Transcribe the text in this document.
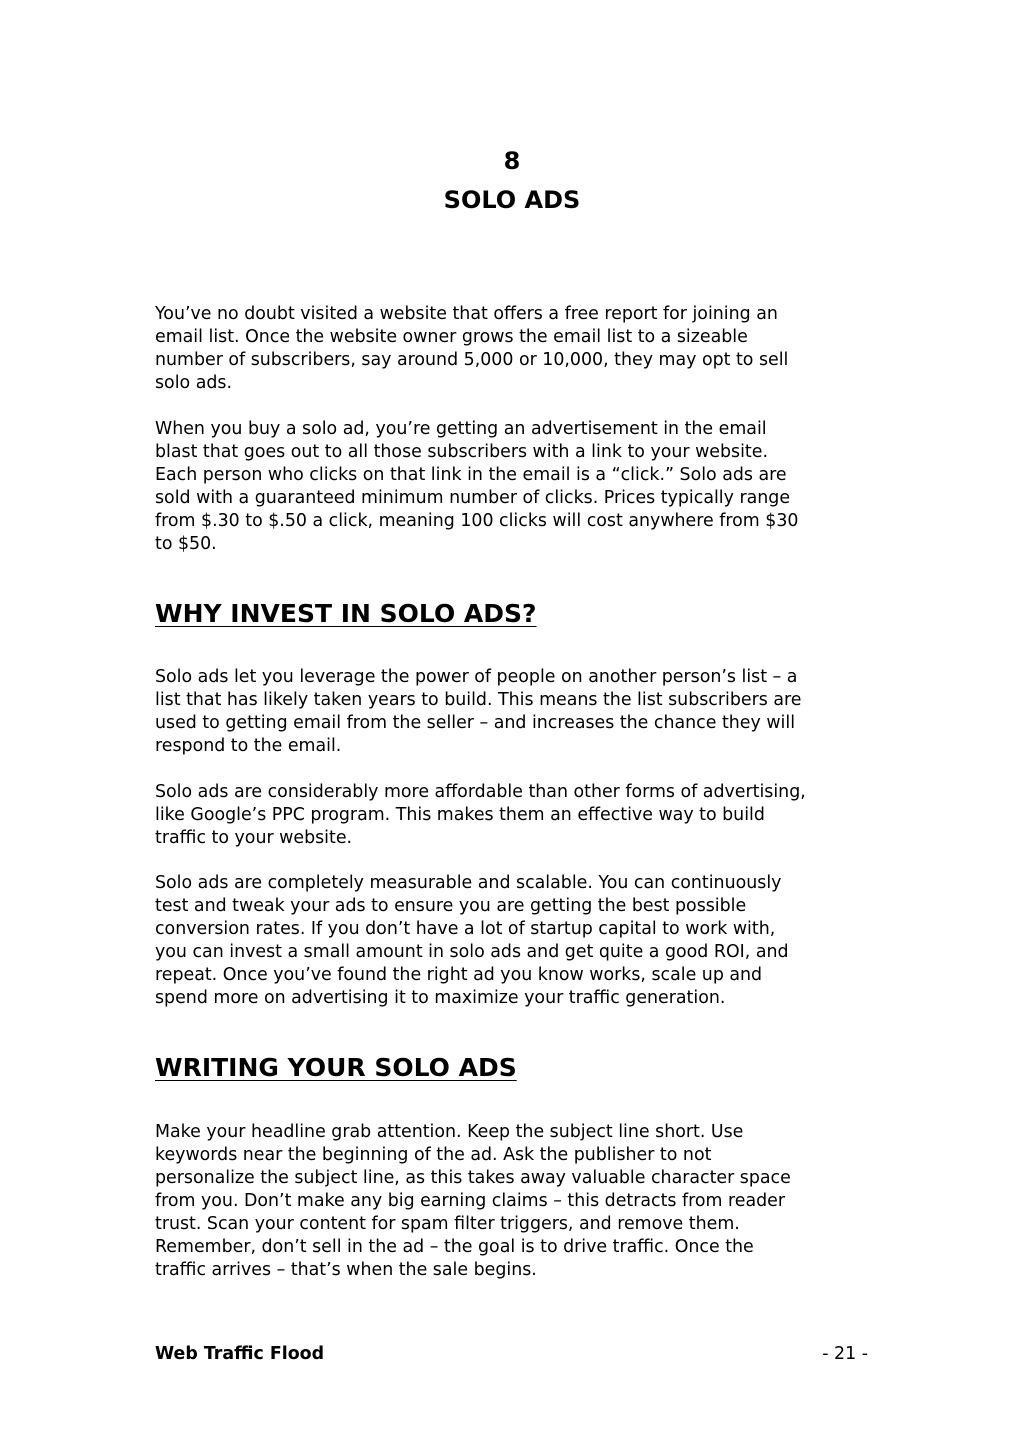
8
SOLO ADS

You’ve no doubt visited a website that offers a free report for joining an
email list. Once the website owner grows the email list to a sizeable
number of subscribers, say around 5,000 or 10,000, they may opt to sell
solo ads.

When you buy a solo ad, you’re getting an advertisement in the email
blast that goes out to all those subscribers with a link to your website.
Each person who clicks on that link in the email is a “click.” Solo ads are
sold with a guaranteed minimum number of clicks. Prices typically range
from $.30 to $.50 a click, meaning 100 clicks will cost anywhere from $30
to $50.

WHY INVEST IN SOLO ADS?

Solo ads let you leverage the power of people on another person’s list – a
list that has likely taken years to build. This means the list subscribers are
used to getting email from the seller – and increases the chance they will
respond to the email.

Solo ads are considerably more affordable than other forms of advertising,
like Google’s PPC program. This makes them an effective way to build
traffic to your website.

Solo ads are completely measurable and scalable. You can continuously
test and tweak your ads to ensure you are getting the best possible
conversion rates. If you don’t have a lot of startup capital to work with,
you can invest a small amount in solo ads and get quite a good ROI, and
repeat. Once you’ve found the right ad you know works, scale up and
spend more on advertising it to maximize your traffic generation.

WRITING YOUR SOLO ADS

Make your headline grab attention. Keep the subject line short. Use
keywords near the beginning of the ad. Ask the publisher to not
personalize the subject line, as this takes away valuable character space
from you. Don’t make any big earning claims – this detracts from reader
trust. Scan your content for spam filter triggers, and remove them.
Remember, don’t sell in the ad – the goal is to drive traffic. Once the
traffic arrives – that’s when the sale begins.

Web Traffic Flood	- 21 -
